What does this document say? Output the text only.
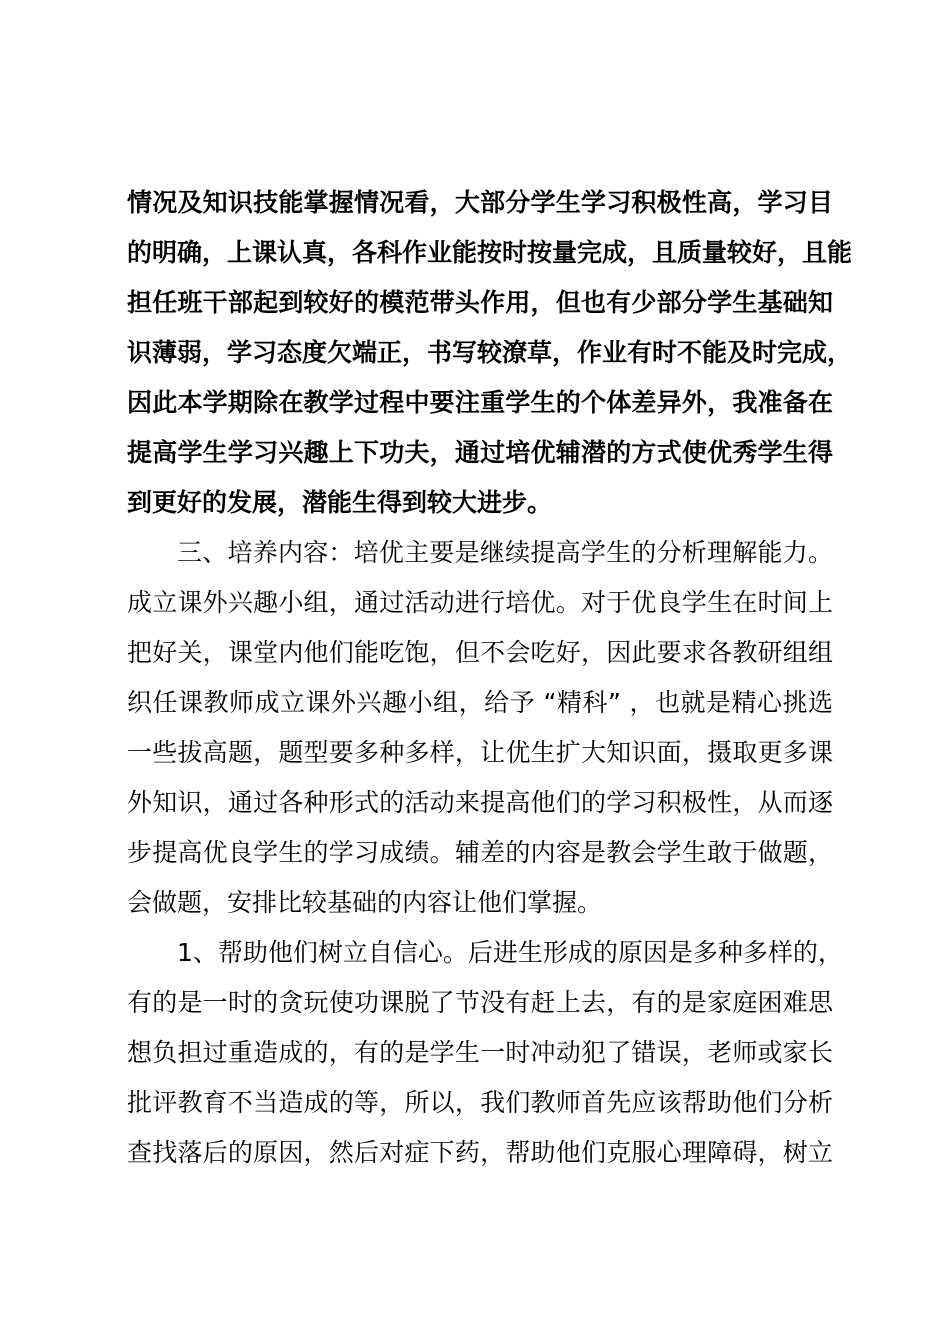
情况及知识技能掌握情况看，大部分学生学习积极性高，学习目
的明确，上课认真，各科作业能按时按量完成，且质量较好，且能
担任班干部起到较好的模范带头作用，但也有少部分学生基础知
识薄弱，学习态度欠端正，书写较潦草，作业有时不能及时完成，
因此本学期除在教学过程中要注重学生的个体差异外，我准备在
提高学生学习兴趣上下功夫，通过培优辅潜的方式使优秀学生得
到更好的发展，潜能生得到较大进步。
三、培养内容：培优主要是继续提高学生的分析理解能力。
成立课外兴趣小组，通过活动进行培优。对于优良学生在时间上
把好关，课堂内他们能吃饱，但不会吃好，因此要求各教研组组
织任课教师成立课外兴趣小组，给予 “精科” ，也就是精心挑选
一些拔高题，题型要多种多样，让优生扩大知识面，摄取更多课
外知识，通过各种形式的活动来提高他们的学习积极性，从而逐
步提高优良学生的学习成绩。辅差的内容是教会学生敢于做题，
会做题，安排比较基础的内容让他们掌握。
1、帮助他们树立自信心。后进生形成的原因是多种多样的，
有的是一时的贪玩使功课脱了节没有赶上去，有的是家庭困难思
想负担过重造成的，有的是学生一时冲动犯了错误，老师或家长
批评教育不当造成的等，所以，我们教师首先应该帮助他们分析
查找落后的原因，然后对症下药，帮助他们克服心理障碍，树立
